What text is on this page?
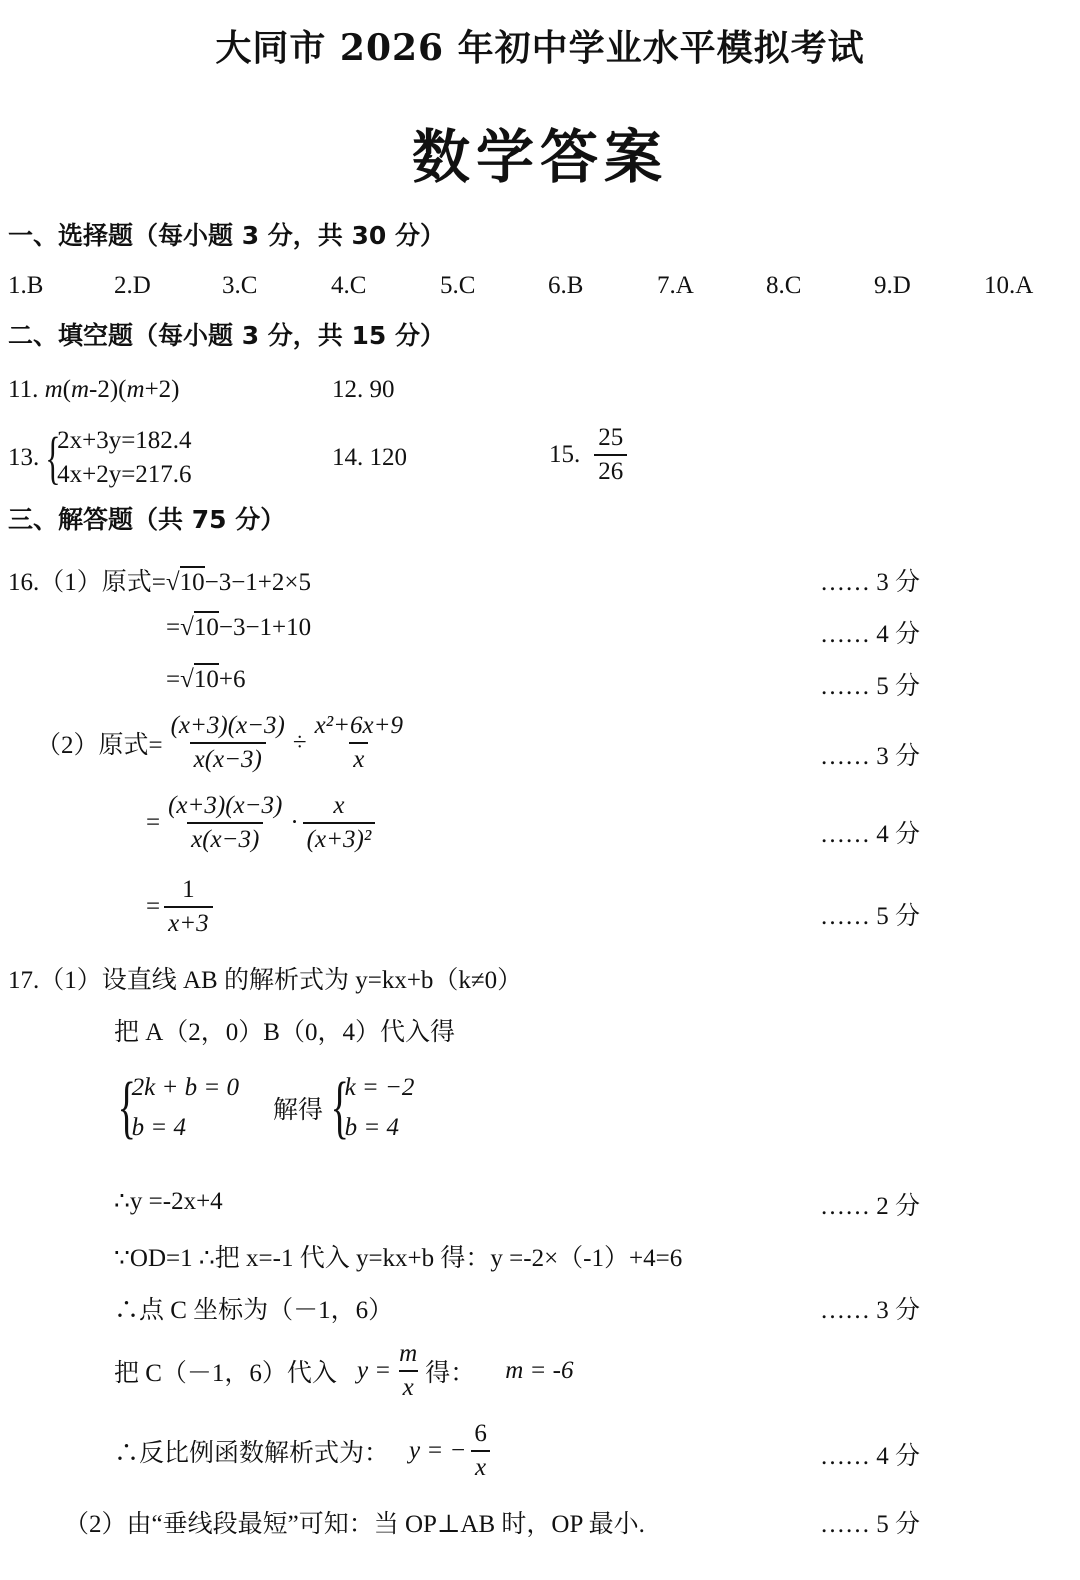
大同市 2026 年初中学业水平模拟考试
数学答案
一、选择题（每小题 3 分，共 30 分）
1.B	2.D	3.C	4.C	5.C	6.B	7.A	8.C	9.D	10.A
二、填空题（每小题 3 分，共 15 分）
11. m(m-2)(m+2)	12. 90
13. {
2x+3y=182.4
4x+2y=217.6
14. 120	15. $\frac{25}{26}$
三、解答题（共 75 分）
16.（1）原式=√10−3−1+2×5	…… 3 分
=√10−3−1+10	…… 4 分
=√10+6	…… 5 分
（2）原式= $\frac{(x+3)(x-3)}{x(x-3)} \div \frac{\text{x²+6x+9}}{x}$	…… 3 分
= $\frac{(x+3)(x-3)}{x(x-3)} \cdot \frac{x}{\text{(x+3)²}}$	…… 4 分
= $\frac{1}{x+3}$	…… 5 分
17.（1）设直线 AB 的解析式为 y=kx+b（k≠0）
把 A（2，0）B（0，4）代入得
{
2k + b = 0
b = 4
解得 {
k = −2
b = 4
∴y =-2x+4	…… 2 分
∵OD=1 ∴把 x=-1 代入 y=kx+b 得：y =-2×（-1）+4=6
∴点 C 坐标为（－1，6）	…… 3 分
把 C（－1，6）代入 $y = \frac{m}{x}$ 得： m = -6
∴反比例函数解析式为： y = − $\frac{6}{x}$	…… 4 分
（2）由“垂线段最短”可知：当 OP⊥AB 时，OP 最小.	…… 5 分
